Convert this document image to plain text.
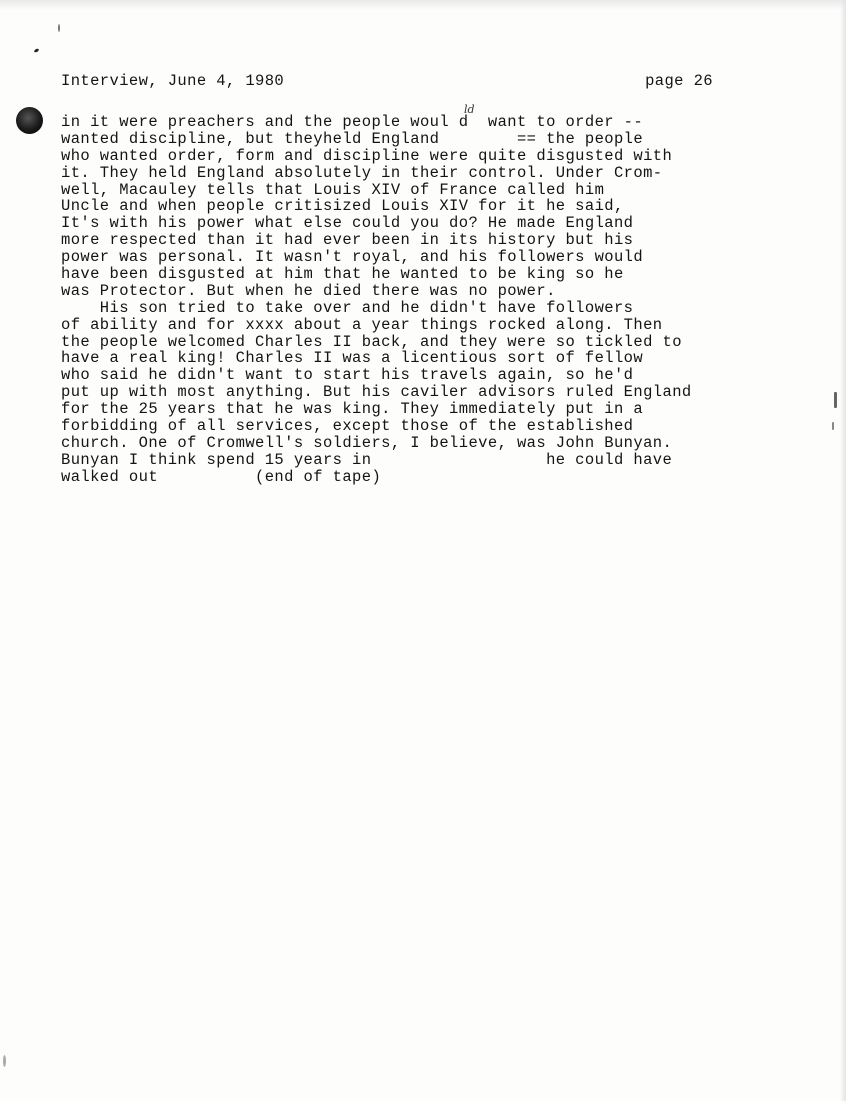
Interview, June 4, 1980	page 26
ld
in it were preachers and the people woul d  want to order --
wanted discipline, but theyheld England        == the people
who wanted order, form and discipline were quite disgusted with
it. They held England absolutely in their control. Under Crom-
well, Macauley tells that Louis XIV of France called him
Uncle and when people critisized Louis XIV for it he said,
It's with his power what else could you do? He made England
more respected than it had ever been in its history but his
power was personal. It wasn't royal, and his followers would
have been disgusted at him that he wanted to be king so he
was Protector. But when he died there was no power.
His son tried to take over and he didn't have followers
of ability and for xxxx about a year things rocked along. Then
the people welcomed Charles II back, and they were so tickled to
have a real king! Charles II was a licentious sort of fellow
who said he didn't want to start his travels again, so he'd
put up with most anything. But his caviler advisors ruled England
for the 25 years that he was king. They immediately put in a
forbidding of all services, except those of the established
church. One of Cromwell's soldiers, I believe, was John Bunyan.
Bunyan I think spend 15 years in                  he could have
walked out          (end of tape)
